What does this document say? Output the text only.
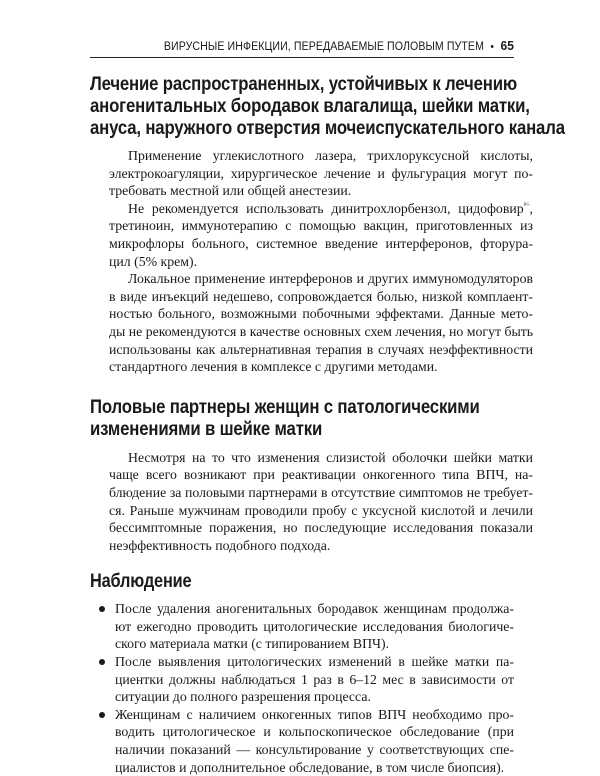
ВИРУСНЫЕ ИНФЕКЦИИ, ПЕРЕДАВАЕМЫЕ ПОЛОВЫМ ПУТЕМ • 65
Лечение распространенных, устойчивых к лечению
аногенитальных бородавок влагалища, шейки матки,
ануса, наружного отверстия мочеиспускательного канала
Применение углекислотного лазера, трихлоруксусной кислоты,
электрокоагуляции, хирургическое лечение и фульгурация могут по-
требовать местной или общей анестезии.
Не рекомендуется использовать динитрохлорбензол, цидофовир$^{ᴿᴳ}$,
третиноин, иммунотерапию с помощью вакцин, приготовленных из
микрофлоры больного, системное введение интерферонов, фторура-
цил (5% крем).
Локальное применение интерферонов и других иммуномодуляторов
в виде инъекций недешево, сопровождается болью, низкой комплаент-
ностью больного, возможными побочными эффектами. Данные мето-
ды не рекомендуются в качестве основных схем лечения, но могут быть
использованы как альтернативная терапия в случаях неэффективности
стандартного лечения в комплексе с другими методами.
Половые партнеры женщин с патологическими
изменениями в шейке матки
Несмотря на то что изменения слизистой оболочки шейки матки
чаще всего возникают при реактивации онкогенного типа ВПЧ, на-
блюдение за половыми партнерами в отсутствие симптомов не требует-
ся. Раньше мужчинам проводили пробу с уксусной кислотой и лечили
бессимптомные поражения, но последующие исследования показали
неэффективность подобного подхода.
Наблюдение
После удаления аногенитальных бородавок женщинам продолжа-
ют ежегодно проводить цитологические исследования биологиче-
ского материала матки (с типированием ВПЧ).
После выявления цитологических изменений в шейке матки па-
циентки должны наблюдаться 1 раз в 6–12 мес в зависимости от
ситуации до полного разрешения процесса.
Женщинам с наличием онкогенных типов ВПЧ необходимо про-
водить цитологическое и кольпоскопическое обследование (при
наличии показаний — консультирование у соответствующих спе-
циалистов и дополнительное обследование, в том числе биопсия).
